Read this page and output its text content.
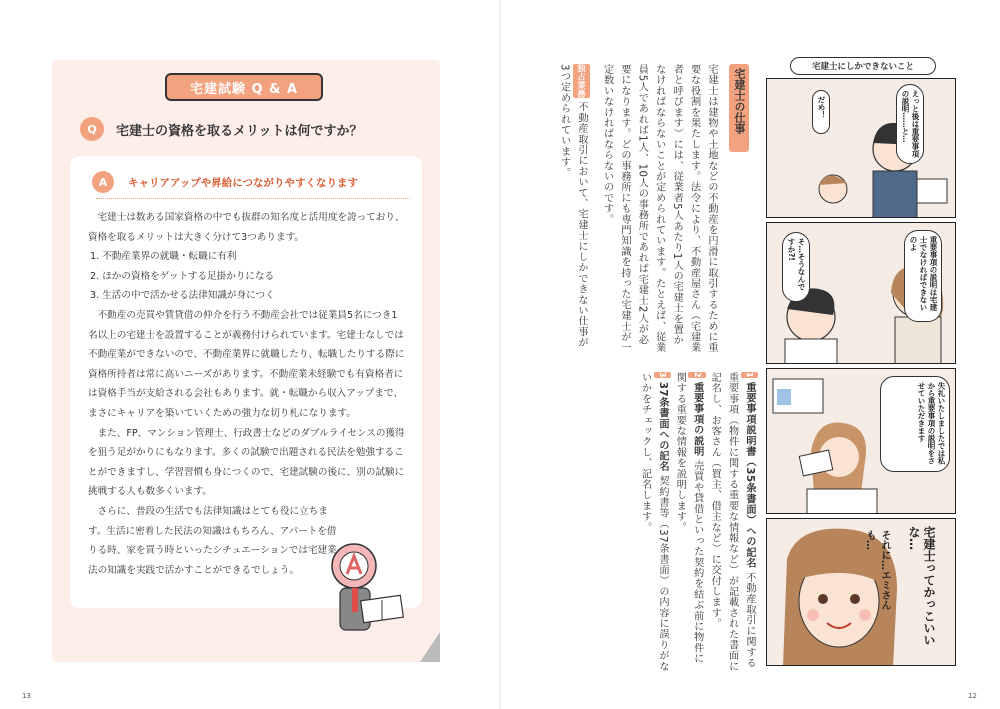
宅建試験 Q & A
Q	宅建士の資格を取るメリットは何ですか？
A	キャリアアップや昇給につながりやすくなります

宅建士は数ある国家資格の中でも抜群の知名度と活用度を誇っており、資格を取るメリットは大きく分けて3つあります。

1. 不動産業界の就職・転職に有利

2. ほかの資格をゲットする足掛かりになる

3. 生活の中で活かせる法律知識が身につく

不動産の売買や賃貸借の仲介を行う不動産会社では従業員5名につき1名以上の宅建士を設置することが義務付けられています。宅建士なしでは不動産業ができないので、不動産業界に就職したり、転職したりする際に資格所持者は常に高いニーズがあります。不動産業未経験でも有資格者には資格手当が支給される会社もあります。就・転職から収入アップまで、まさにキャリアを築いていくための強力な切り札になります。

また、FP、マンション管理士、行政書士などのダブルライセンスの獲得を狙う足がかりにもなります。多くの試験で出題される民法を勉強することができますし、学習習慣も身につくので、宅建試験の後に、別の試験に挑戦する人も数多くいます。

さらに、普段の生活でも法律知識はとても役に立ちます。生活に密着した民法の知識はもちろん、アパートを借りる時、家を買う時といったシチュエーションでは宅建業法の知識を実践で活かすことができるでしょう。

13
宅建士の仕事
宅建士は建物や土地などの不動産を円滑に取引するために重要な役割を果たします。法令により、不動産屋さん（宅建業者と呼びます）には、従業者5人あたり1人の宅建士を置かなければならないことが定められています。たとえば、従業員5人であれば1人、10人の事務所であれば宅建士2人が必要になります。どの事務所にも専門知識を持った宅建士が一定数いなければならないのです。
独占業務 不動産取引において、宅建士にしかできない仕事が3つ定められています。
1 重要事項説明書（35条書面）への記名 不動産取引に関する重要事項（物件に関する重要な情報など）が記載された書面に記名し、お客さん（買主、借主など）に交付します。
2 重要事項の説明 売買や貸借といった契約を結ぶ前に物件に関する重要な情報を説明します。
3 37条書面への記名 契約書等（37条書面）の内容に誤りがないかをチェックし、記名します。
宅建士にしかできないこと
えっと後は重要事項の説明……と…
だめ！
重要事項の説明は宅建士でなければできないのよ
そ…そうなんですか?!
失礼いたしましたでは私から重要事項の説明をさせていただきます
宅建士ってかっこいいな…
それに…エミさんも…
12
